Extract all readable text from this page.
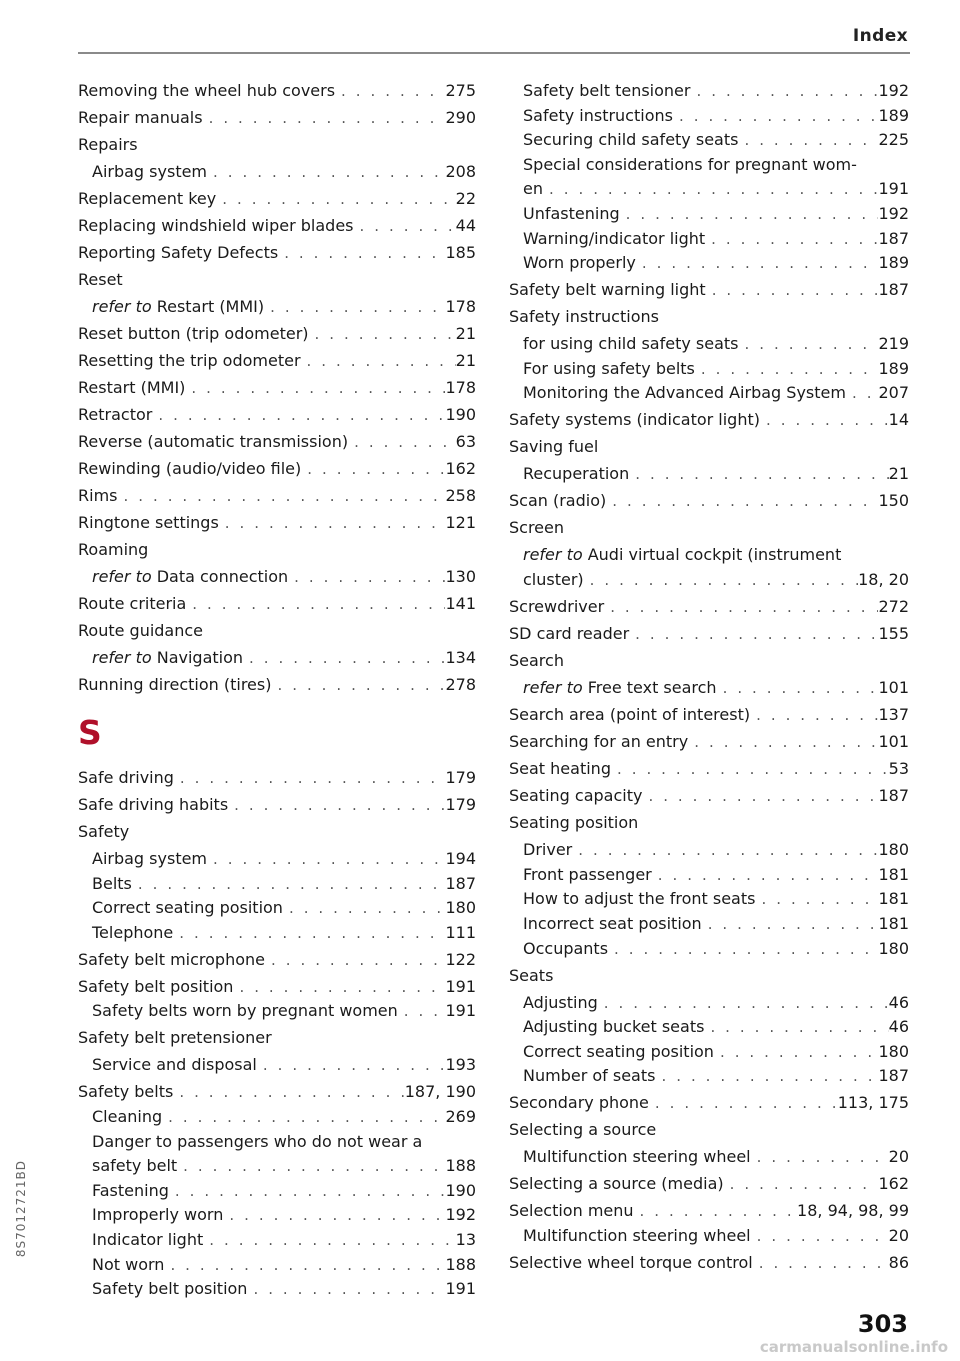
Index
Removing the wheel hub covers . . .	275
Repair manuals . . .	290
Repairs
Airbag system . . .	208
Replacement key . . .	22
Replacing windshield wiper blades . . .	44
Reporting Safety Defects . . .	185
Reset
refer to Restart (MMI) . . .	178
Reset button (trip odometer) . . .	21
Resetting the trip odometer . . .	21
Restart (MMI) . . .	178
Retractor . . .	190
Reverse (automatic transmission) . . .	63
Rewinding (audio/video file) . . .	162
Rims . . .	258
Ringtone settings . . .	121
Roaming
refer to Data connection . . .	130
Route criteria . . .	141
Route guidance
refer to Navigation . . .	134
Running direction (tires) . . .	278
S
Safe driving . . .	179
Safe driving habits . . .	179
Safety
Airbag system . . .	194
Belts . . .	187
Correct seating position . . .	180
Telephone . . .	111
Safety belt microphone . . .	122
Safety belt position . . .	191
Safety belts worn by pregnant women . . .	191
Safety belt pretensioner
Service and disposal . . .	193
Safety belts . . .	187, 190
Cleaning . . .	269
Danger to passengers who do not wear a
safety belt . . .	188
Fastening . . .	190
Improperly worn . . .	192
Indicator light . . .	13
Not worn . . .	188
Safety belt position . . .	191
Safety belt tensioner . . .	192
Safety instructions . . .	189
Securing child safety seats . . .	225
Special considerations for pregnant wom-
en . . .	191
Unfastening . . .	192
Warning/indicator light . . .	187
Worn properly . . .	189
Safety belt warning light . . .	187
Safety instructions
for using child safety seats . . .	219
For using safety belts . . .	189
Monitoring the Advanced Airbag System . . . 207
Safety systems (indicator light) . . .	14
Saving fuel
Recuperation . . .	21
Scan (radio) . . .	150
Screen
refer to Audi virtual cockpit (instrument
cluster) . . .	18, 20
Screwdriver . . .	272
SD card reader . . .	155
Search
refer to Free text search . . .	101
Search area (point of interest) . . .	137
Searching for an entry . . .	101
Seat heating . . .	53
Seating capacity . . .	187
Seating position
Driver . . .	180
Front passenger . . .	181
How to adjust the front seats . . .	181
Incorrect seat position . . .	181
Occupants . . .	180
Seats
Adjusting . . .	46
Adjusting bucket seats . . .	46
Correct seating position . . .	180
Number of seats . . .	187
Secondary phone . . .	113, 175
Selecting a source
Multifunction steering wheel . . .	20
Selecting a source (media) . . .	162
Selection menu . . .	18, 94, 98, 99
Multifunction steering wheel . . .	20
Selective wheel torque control . . .	86
8S7012721BD
303
carmanualsonline.info
